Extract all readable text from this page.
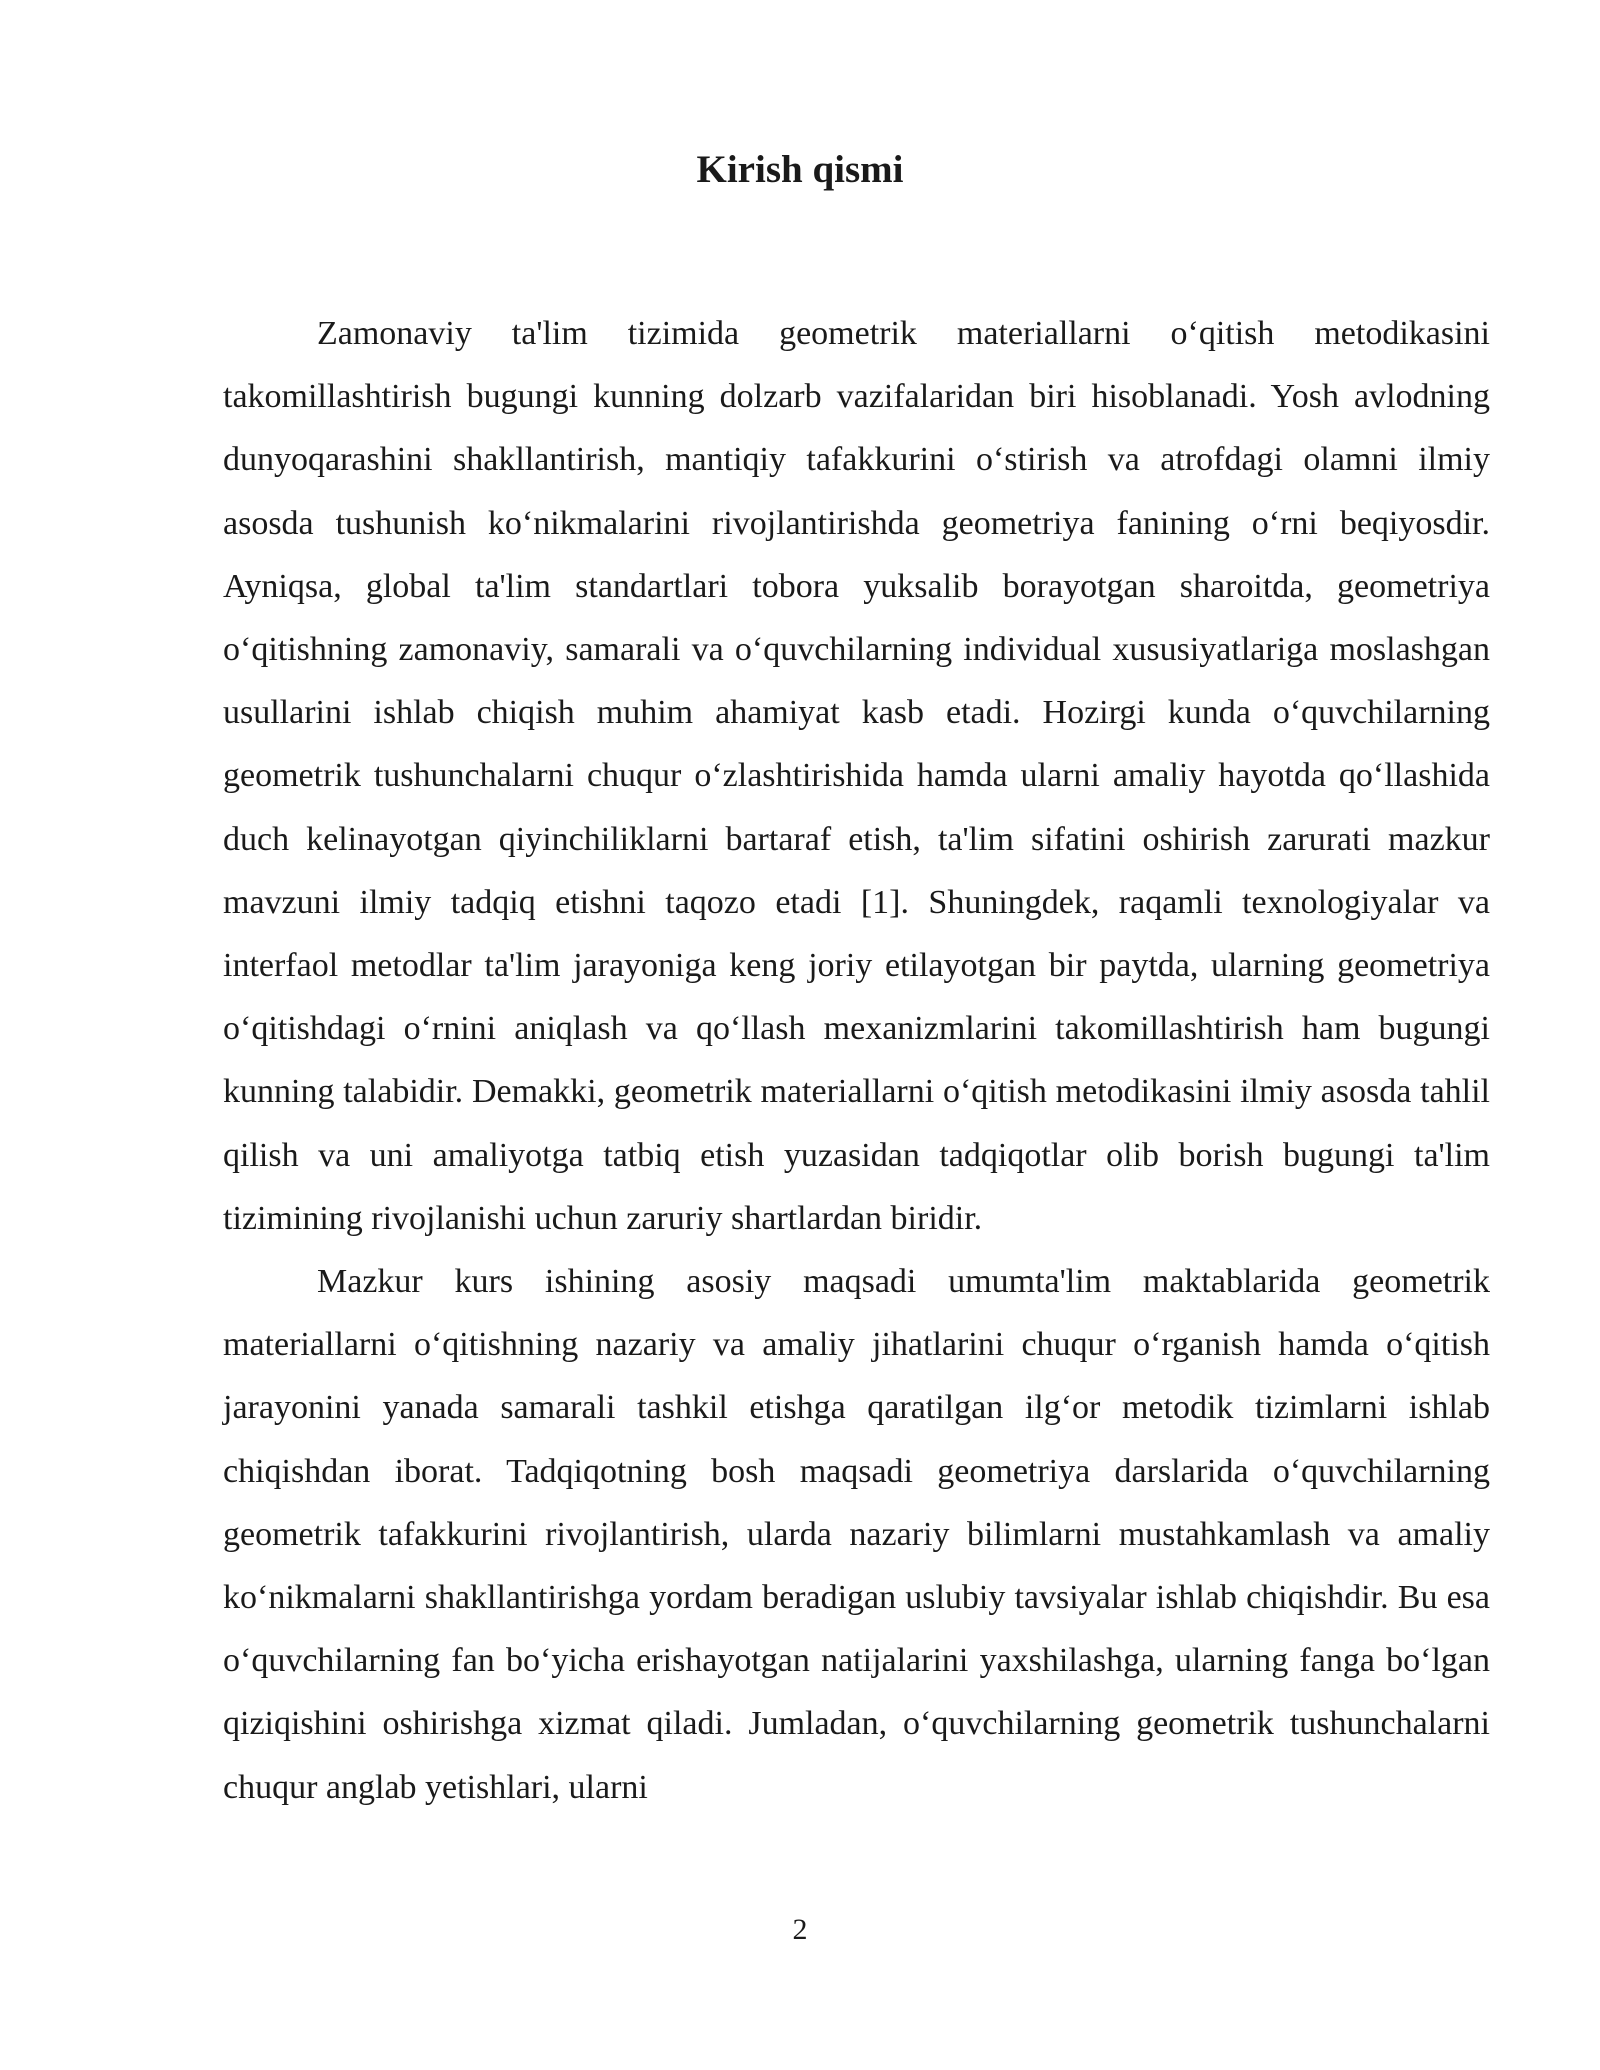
Kirish qismi

Zamonaviy ta'lim tizimida geometrik materiallarni o‘qitish metodikasini takomillashtirish bugungi kunning dolzarb vazifalaridan biri hisoblanadi. Yosh avlodning dunyoqarashini shakllantirish, mantiqiy tafakkurini o‘stirish va atrofdagi olamni ilmiy asosda tushunish ko‘nikmalarini rivojlantirishda geometriya fanining o‘rni beqiyosdir. Ayniqsa, global ta'lim standartlari tobora yuksalib borayotgan sharoitda, geometriya o‘qitishning zamonaviy, samarali va o‘quvchilarning individual xususiyatlariga moslashgan usullarini ishlab chiqish muhim ahamiyat kasb etadi. Hozirgi kunda o‘quvchilarning geometrik tushunchalarni chuqur o‘zlashtirishida hamda ularni amaliy hayotda qo‘llashida duch kelinayotgan qiyinchiliklarni bartaraf etish, ta'lim sifatini oshirish zarurati mazkur mavzuni ilmiy tadqiq etishni taqozo etadi [1]. Shuningdek, raqamli texnologiyalar va interfaol metodlar ta'lim jarayoniga keng joriy etilayotgan bir paytda, ularning geometriya o‘qitishdagi o‘rnini aniqlash va qo‘llash mexanizmlarini takomillashtirish ham bugungi kunning talabidir. Demakki, geometrik materiallarni o‘qitish metodikasini ilmiy asosda tahlil qilish va uni amaliyotga tatbiq etish yuzasidan tadqiqotlar olib borish bugungi ta'lim tizimining rivojlanishi uchun zaruriy shartlardan biridir.

Mazkur kurs ishining asosiy maqsadi umumta'lim maktablarida geometrik materiallarni o‘qitishning nazariy va amaliy jihatlarini chuqur o‘rganish hamda o‘qitish jarayonini yanada samarali tashkil etishga qaratilgan ilg‘or metodik tizimlarni ishlab chiqishdan iborat. Tadqiqotning bosh maqsadi geometriya darslarida o‘quvchilarning geometrik tafakkurini rivojlantirish, ularda nazariy bilimlarni mustahkamlash va amaliy ko‘nikmalarni shakllantirishga yordam beradigan uslubiy tavsiyalar ishlab chiqishdir. Bu esa o‘quvchilarning fan bo‘yicha erishayotgan natijalarini yaxshilashga, ularning fanga bo‘lgan qiziqishini oshirishga xizmat qiladi. Jumladan, o‘quvchilarning geometrik tushunchalarni chuqur anglab yetishlari, ularni

2
